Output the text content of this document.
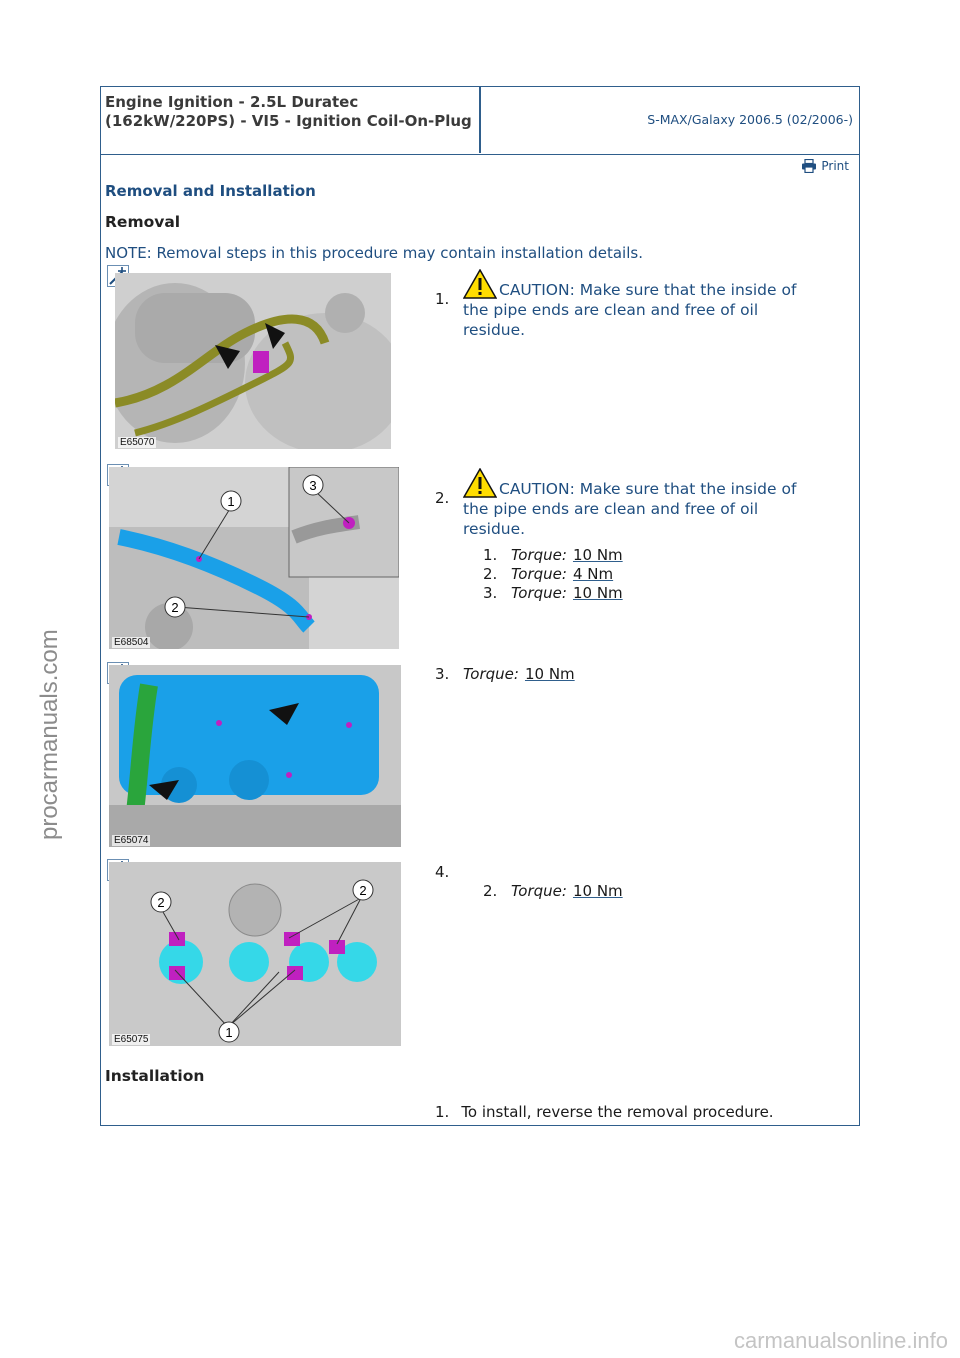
procarmanuals.com
Engine Ignition - 2.5L Duratec (162kW/220PS) - VI5 - Ignition Coil-On-Plug	S-MAX/Galaxy 2006.5 (02/2006-)
Print
Removal and Installation
Removal
NOTE: Removal steps in this procedure may contain installation details.
E65070
1.	CAUTION: Make sure that the inside of the pipe ends are clean and free of oil residue.
1
2
3
E68504
2.	CAUTION: Make sure that the inside of the pipe ends are clean and free of oil residue.
1. Torque: 10 Nm
2. Torque: 4 Nm
3. Torque: 10 Nm
E65074
3. Torque: 10 Nm
2
2
1
E65075
4.
2. Torque: 10 Nm
Installation
1. To install, reverse the removal procedure.
carmanualsonline.info
